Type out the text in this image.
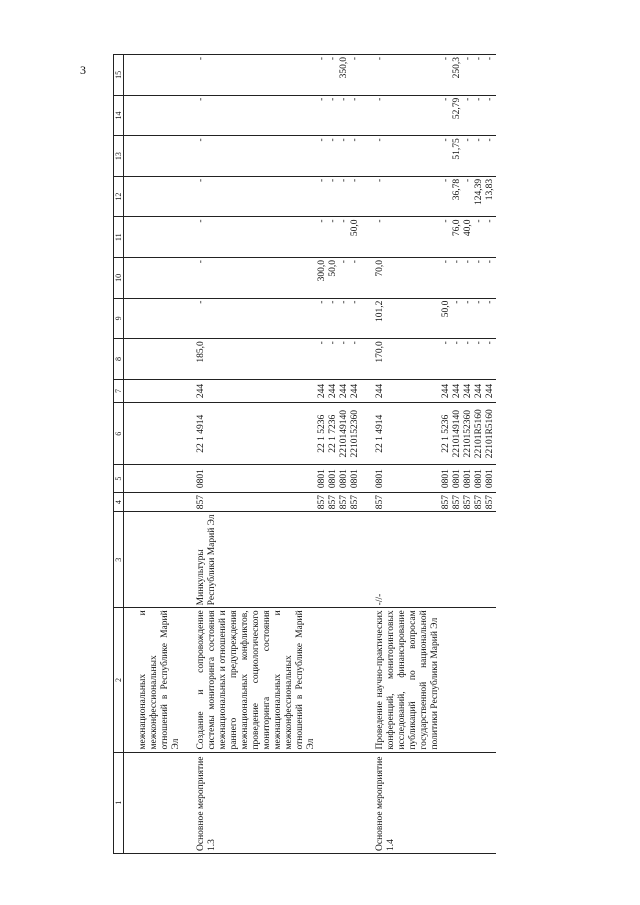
3
1	2	3	4	5	6	7	8	9	10	11	12	13	14	15
	межнациональных и межконфессиональных отношений в Республике Марий Эл													
Основное мероприятие 1.3	Создание и сопровождение системы мониторинга состояния межнациональных и отношений и раннего предупреждения межнациональных конфликтов, проведение социологического мониторинга состояния межнациональных и межконфессиональных отношений в Республике Марий Эл	Минкультуры Республики Марий Эл	857	0801	22 1 4914	244	185,0	-	-	-	-	-	-	-
			857	0801	22 1 5236	244	-	-	300,0	-	-	-	-	-
			857	0801	22 1 7236	244	-	-	50,0	-	-	-	-	-
			857	0801	2210149140	244	-	-	-	-	-	-	-	350,0
			857	0801	2210152360	244	-	-	-	50,0	-	-	-	-
Основное мероприятие 1.4	Проведение научно-практических конференций, мониторинговых исследований, финансирование публикаций по вопросам государственной национальной политики Республики Марий Эл	-//-	857	0801	22 1 4914	244	170,0	101,2	70,0	-	-	-	-	-
			857	0801	22 1 5236	244	-	50,0	-	-	-	-	-	-
			857	0801	2210149140	244	-	-	-	76,0	36,78	51,75	52,79	250,3
			857	0801	2210152360	244	-	-	-	40,0	-	-	-	-
			857	0801	22101R5160	244	-	-	-	-	124,39	-	-	-
			857	0801	22101R5160	244	-	-	-	-	13,83	-	-	-
